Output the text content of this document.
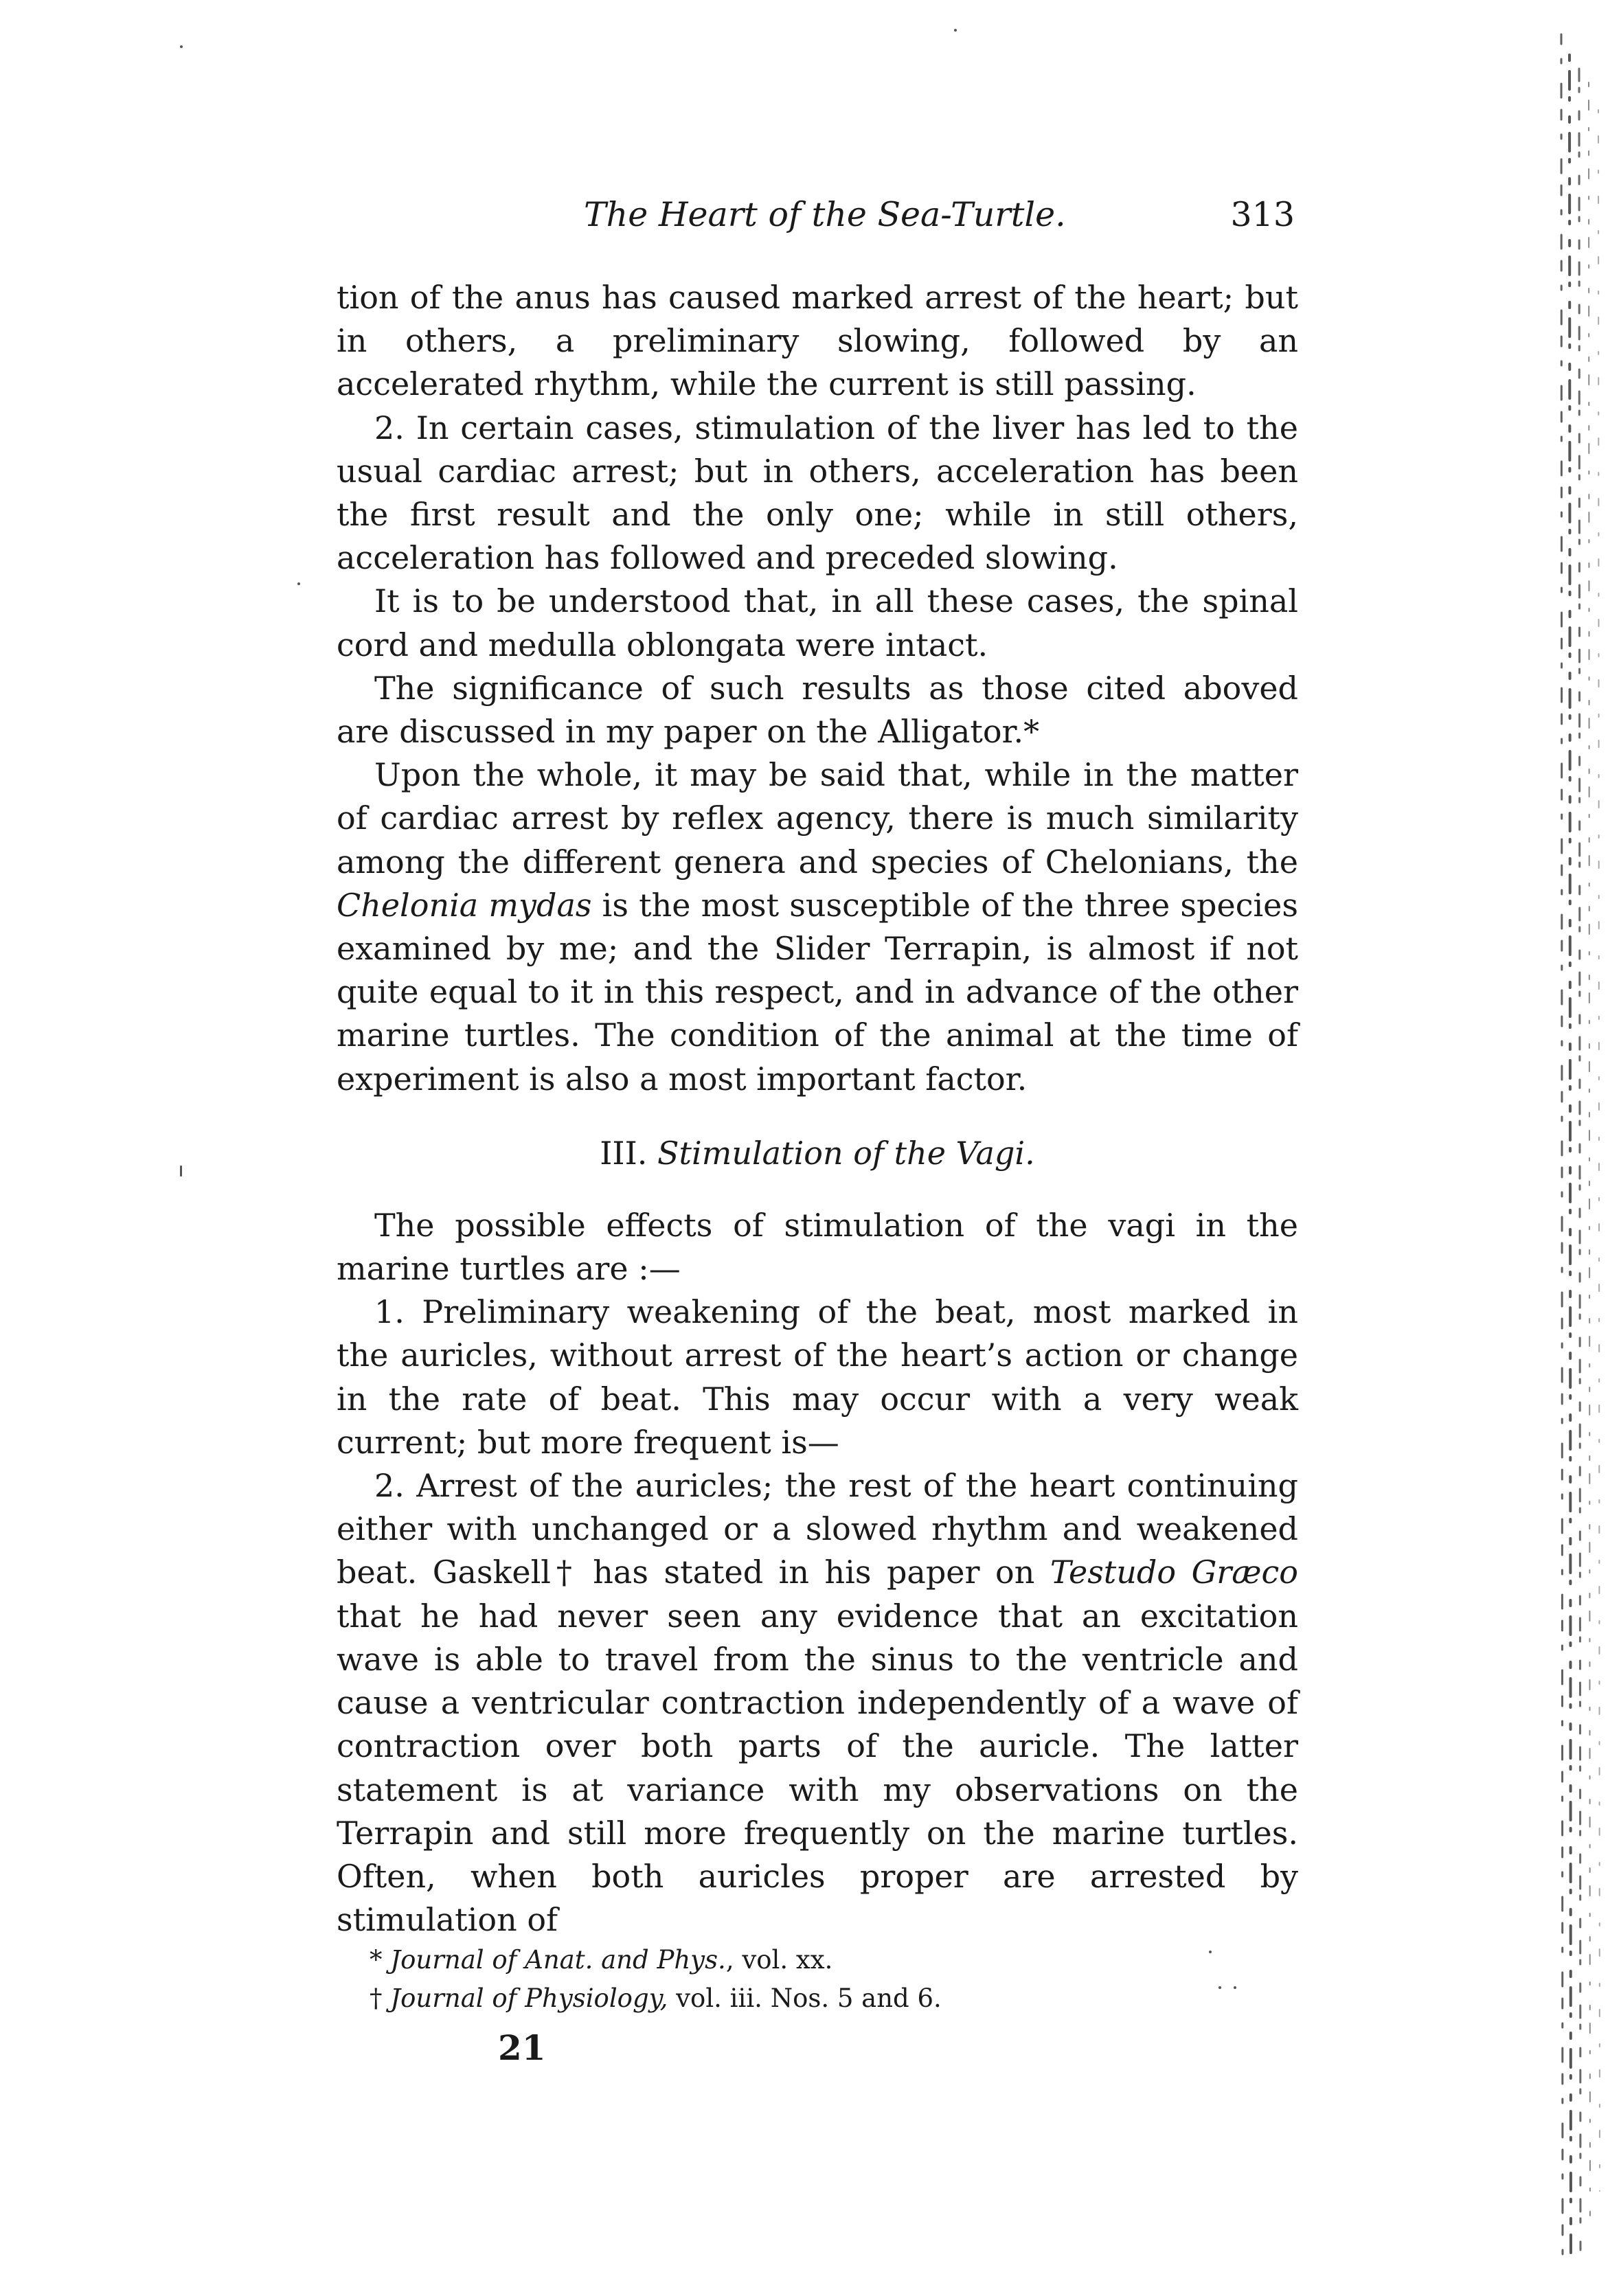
The Heart of the Sea-Turtle.	313

tion of the anus has caused marked arrest of the heart; but in others, a preliminary slowing, followed by an accelerated rhythm, while the current is still passing.

2. In certain cases, stimulation of the liver has led to the usual cardiac arrest; but in others, acceleration has been the first result and the only one; while in still others, acceleration has followed and preceded slowing.

It is to be understood that, in all these cases, the spinal cord and medulla oblongata were intact.

The significance of such results as those cited aboved are discussed in my paper on the Alligator.*

Upon the whole, it may be said that, while in the matter of cardiac arrest by reflex agency, there is much similarity among the different genera and species of Chelonians, the Chelonia mydas is the most susceptible of the three species examined by me; and the Slider Terrapin, is almost if not quite equal to it in this respect, and in advance of the other marine turtles. The condition of the animal at the time of experiment is also a most important factor.

III. Stimulation of the Vagi.

The possible effects of stimulation of the vagi in the marine turtles are :—

1. Preliminary weakening of the beat, most marked in the auricles, without arrest of the heart’s action or change in the rate of beat. This may occur with a very weak current; but more frequent is—

2. Arrest of the auricles; the rest of the heart continuing either with unchanged or a slowed rhythm and weakened beat. Gaskell† has stated in his paper on Testudo Græco that he had never seen any evidence that an excitation wave is able to travel from the sinus to the ventricle and cause a ventricular contraction independently of a wave of contraction over both parts of the auricle. The latter statement is at variance with my observations on the Terrapin and still more frequently on the marine turtles. Often, when both auricles proper are arrested by stimulation of

* Journal of Anat. and Phys., vol. xx.

† Journal of Physiology, vol. iii. Nos. 5 and 6.

21
